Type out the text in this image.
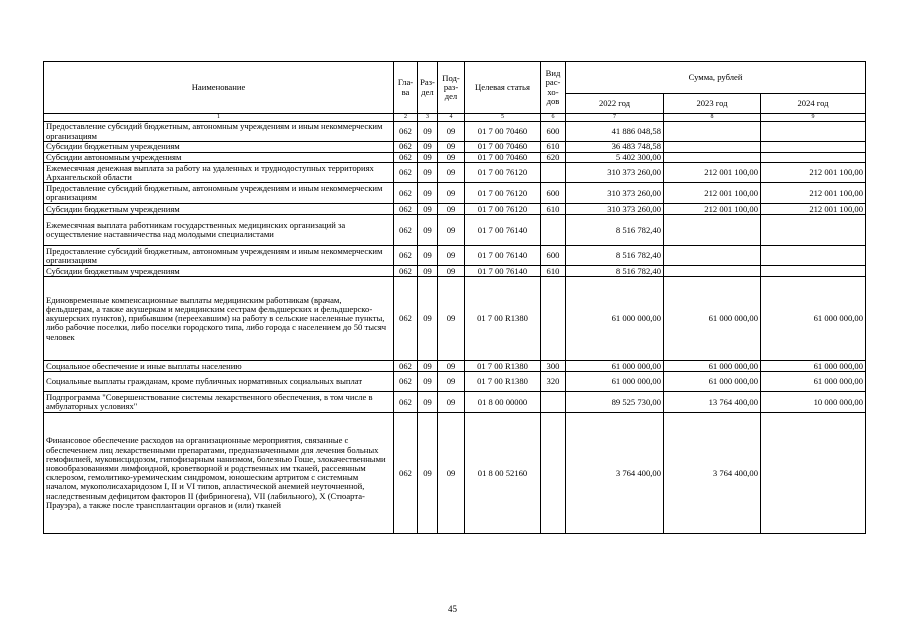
Наименование	Гла-ва	Раз-дел	Под-раз-дел	Целевая статья	Вид рас-хо-дов	Сумма, рублей		
						2022 год	2023 год	2024 год
1	2	3	4	5	6	7	8	9
Предоставление субсидий бюджетным, автономным учреждениям и иным некоммерческим организациям	062	09	09	01 7 00 70460	600	41 886 048,58		
Субсидии бюджетным учреждениям	062	09	09	01 7 00 70460	610	36 483 748,58		
Субсидии автономным учреждениям	062	09	09	01 7 00 70460	620	5 402 300,00		
Ежемесячная денежная выплата за работу на удаленных и труднодоступных территориях Архангельской области	062	09	09	01 7 00 76120		310 373 260,00	212 001 100,00	212 001 100,00
Предоставление субсидий бюджетным, автономным учреждениям и иным некоммерческим организациям	062	09	09	01 7 00 76120	600	310 373 260,00	212 001 100,00	212 001 100,00
Субсидии бюджетным учреждениям	062	09	09	01 7 00 76120	610	310 373 260,00	212 001 100,00	212 001 100,00
Ежемесячная выплата работникам государственных медицинских организаций за осуществление наставничества над молодыми специалистами	062	09	09	01 7 00 76140		8 516 782,40		
Предоставление субсидий бюджетным, автономным учреждениям и иным некоммерческим организациям	062	09	09	01 7 00 76140	600	8 516 782,40		
Субсидии бюджетным учреждениям	062	09	09	01 7 00 76140	610	8 516 782,40		
Единовременные компенсационные выплаты медицинским работникам (врачам, фельдшерам, а также акушеркам и медицинским сестрам фельдшерских и фельдшерско-акушерских пунктов), прибывшим (переехавшим) на работу в сельские населенные пункты, либо рабочие поселки, либо поселки городского типа, либо города с населением до 50 тысяч человек	062	09	09	01 7 00 R1380		61 000 000,00	61 000 000,00	61 000 000,00
Социальное обеспечение и иные выплаты населению	062	09	09	01 7 00 R1380	300	61 000 000,00	61 000 000,00	61 000 000,00
Социальные выплаты гражданам, кроме публичных нормативных социальных выплат	062	09	09	01 7 00 R1380	320	61 000 000,00	61 000 000,00	61 000 000,00
Подпрограмма "Совершенствование системы лекарственного обеспечения, в том числе в амбулаторных условиях"	062	09	09	01 8 00 00000		89 525 730,00	13 764 400,00	10 000 000,00
Финансовое обеспечение расходов на организационные мероприятия, связанные с обеспечением лиц лекарственными препаратами, предназначенными для лечения больных гемофилией, муковисцидозом, гипофизарным нанизмом, болезнью Гоше, злокачественными новообразованиями лимфоидной, кроветворной и родственных им тканей, рассеянным склерозом, гемолитико-уремическим синдромом, юношеским артритом с системным началом, мукополисахаридозом I, II и VI типов, апластической анемией неуточненной, наследственным дефицитом факторов II (фибриногена), VII (лабильного), X (Стюарта-Прауэра), а также после трансплантации органов и (или) тканей	062	09	09	01 8 00 52160		3 764 400,00	3 764 400,00	
45
